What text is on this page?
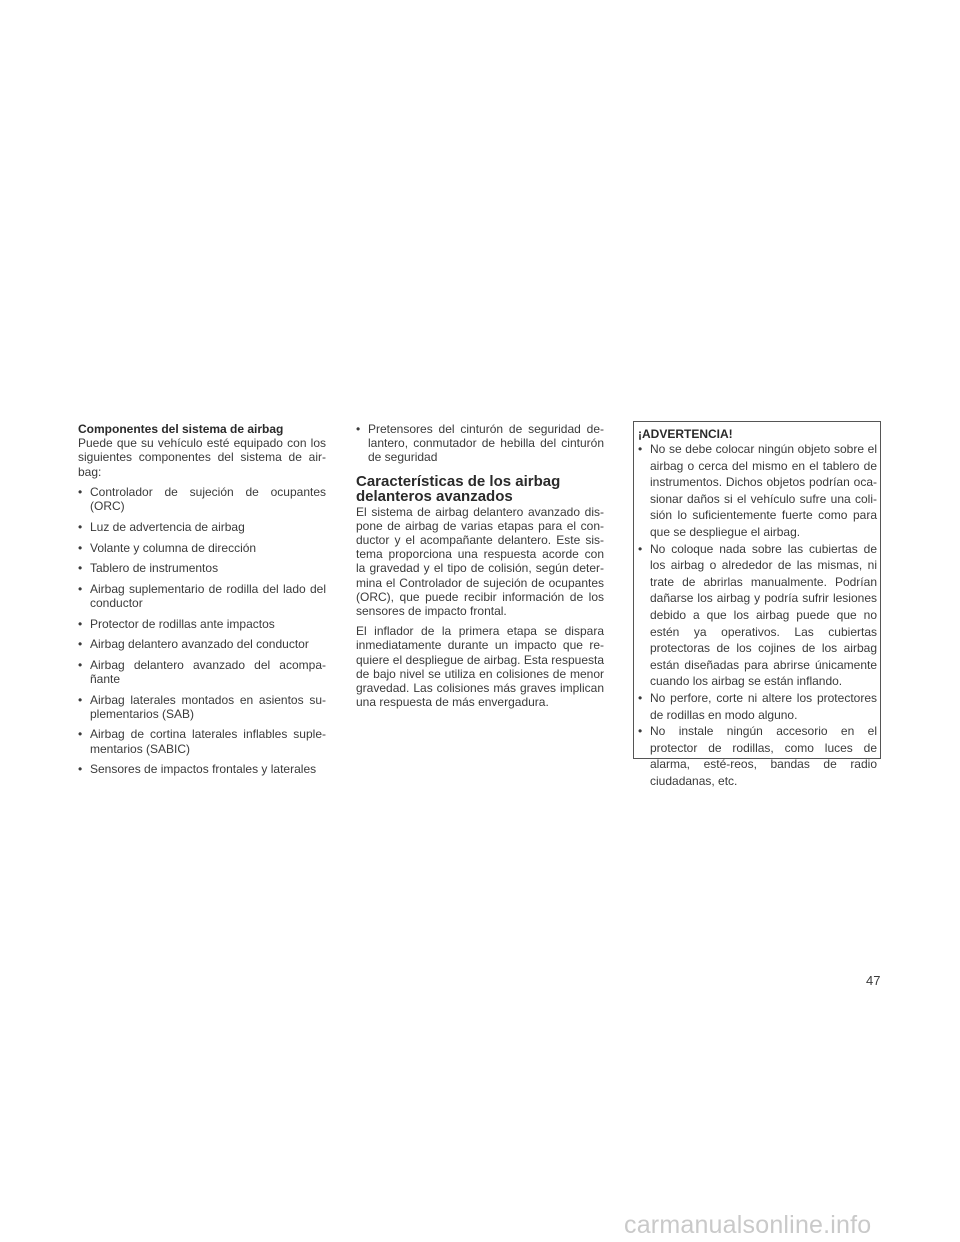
Componentes del sistema de airbag
Puede que su vehículo esté equipado con los siguientes componentes del sistema de air-bag:
• Controlador de sujeción de ocupantes (ORC)
• Luz de advertencia de airbag
• Volante y columna de dirección
• Tablero de instrumentos
• Airbag suplementario de rodilla del lado del conductor
• Protector de rodillas ante impactos
• Airbag delantero avanzado del conductor
• Airbag delantero avanzado del acompa-ñante
• Airbag laterales montados en asientos su-plementarios (SAB)
• Airbag de cortina laterales inflables suple-mentarios (SABIC)
• Sensores de impactos frontales y laterales
• Pretensores del cinturón de seguridad de-lantero, conmutador de hebilla del cinturón de seguridad
Características de los airbag delanteros avanzados

El sistema de airbag delantero avanzado dis-pone de airbag de varias etapas para el con-ductor y el acompañante delantero. Este sis-tema proporciona una respuesta acorde con la gravedad y el tipo de colisión, según deter-mina el Controlador de sujeción de ocupantes (ORC), que puede recibir información de los sensores de impacto frontal.

El inflador de la primera etapa se dispara inmediatamente durante un impacto que re-quiere el despliegue de airbag. Esta respuesta de bajo nivel se utiliza en colisiones de menor gravedad. Las colisiones más graves implican una respuesta de más envergadura.

¡ADVERTENCIA!
• No se debe colocar ningún objeto sobre el airbag o cerca del mismo en el tablero de instrumentos. Dichos objetos podrían oca-sionar daños si el vehículo sufre una coli-sión lo suficientemente fuerte como para que se despliegue el airbag.
• No coloque nada sobre las cubiertas de los airbag o alrededor de las mismas, ni trate de abrirlas manualmente. Podrían dañarse los airbag y podría sufrir lesiones debido a que los airbag puede que no estén ya operativos. Las cubiertas protectoras de los cojines de los airbag están diseñadas para abrirse únicamente cuando los airbag se están inflando.
• No perfore, corte ni altere los protectores de rodillas en modo alguno.
• No instale ningún accesorio en el protector de rodillas, como luces de alarma, esté-reos, bandas de radio ciudadanas, etc.
47
carmanualsonline.info
